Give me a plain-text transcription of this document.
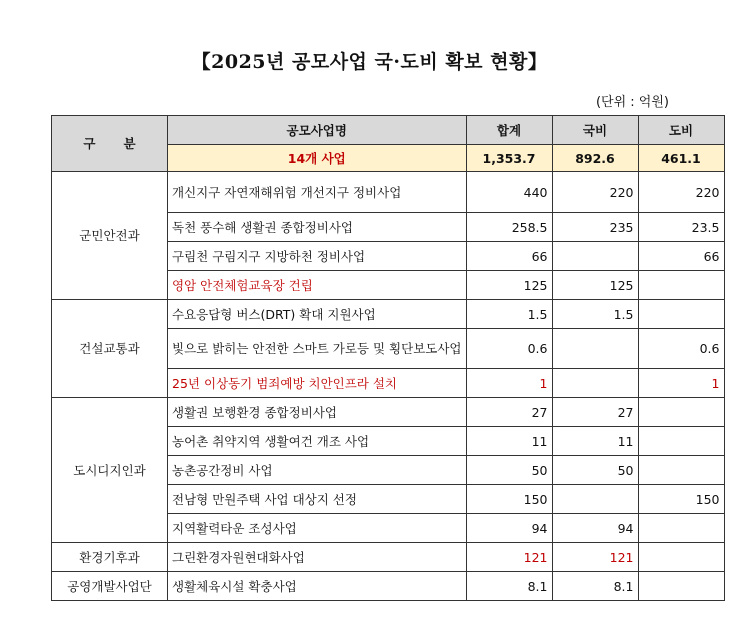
【2025년 공모사업 국·도비 확보 현황】
(단위 : 억원)
구 분	공모사업명	합계	국비	도비
	14개 사업	1,353.7	892.6	461.1
군민안전과	개신지구 자연재해위험 개선지구 정비사업	440	220	220
	독천 풍수해 생활권 종합정비사업	258.5	235	23.5
	구림천 구림지구 지방하천 정비사업	66		66
	영암 안전체험교육장 건립	125	125	
건설교통과	수요응답형 버스(DRT) 확대 지원사업	1.5	1.5	
	빛으로 밝히는 안전한 스마트 가로등 및 횡단보도사업	0.6		0.6
	25년 이상동기 범죄예방 치안인프라 설치	1		1
도시디지인과	생활권 보행환경 종합정비사업	27	27	
	농어촌 취약지역 생활여건 개조 사업	11	11	
	농촌공간정비 사업	50	50	
	전남형 만원주택 사업 대상지 선정	150		150
	지역활력타운 조성사업	94	94	
환경기후과	그린환경자원현대화사업	121	121	
공영개발사업단	생활체육시설 확충사업	8.1	8.1	
